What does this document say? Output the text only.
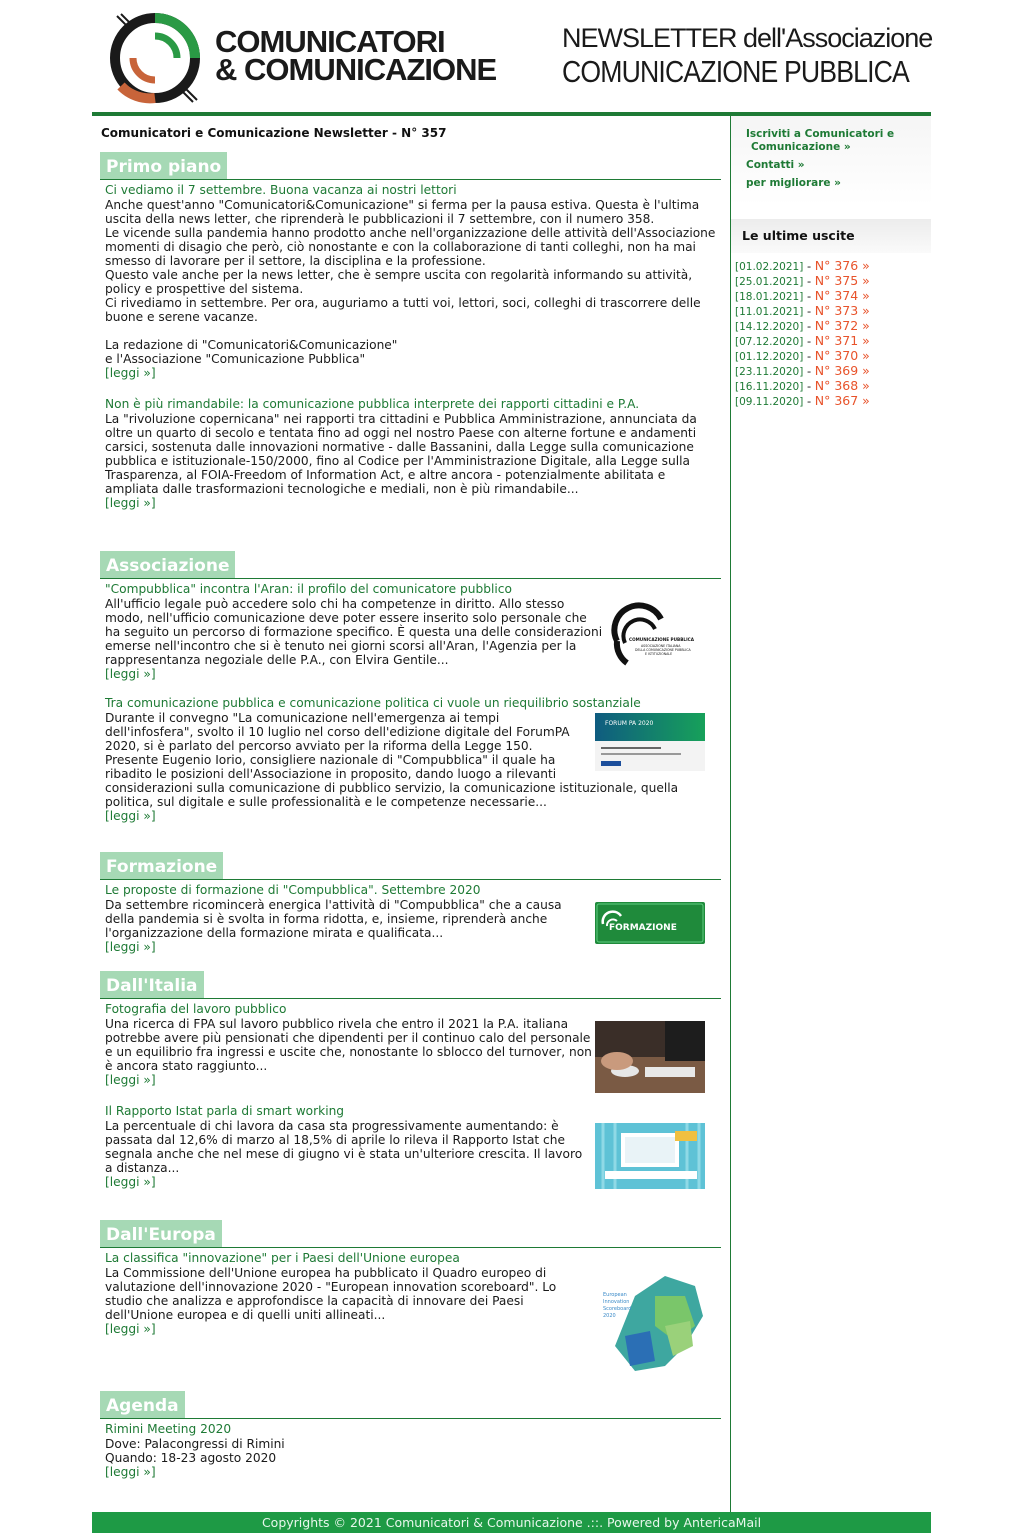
COMUNICATORI
& COMUNICAZIONE
NEWSLETTER dell'Associazione
COMUNICAZIONE PUBBLICA
Comunicatori e Comunicazione Newsletter - N° 357
Primo piano
Ci vediamo il 7 settembre. Buona vacanza ai nostri lettori

Anche quest'anno "Comunicatori&Comunicazione" si ferma per la pausa estiva. Questa è l'ultima uscita della news letter, che riprenderà le pubblicazioni il 7 settembre, con il numero 358.

Le vicende sulla pandemia hanno prodotto anche nell'organizzazione delle attività dell'Associazione momenti di disagio che però, ciò nonostante e con la collaborazione di tanti colleghi, non ha mai smesso di lavorare per il settore, la disciplina e la professione.

Questo vale anche per la news letter, che è sempre uscita con regolarità informando su attività, policy e prospettive del sistema.

Ci rivediamo in settembre. Per ora, auguriamo a tutti voi, lettori, soci, colleghi di trascorrere delle buone e serene vacanze.

La redazione di "Comunicatori&Comunicazione"

e l'Associazione "Comunicazione Pubblica"

[leggi »]
Non è più rimandabile: la comunicazione pubblica interprete dei rapporti cittadini e P.A.
La "rivoluzione copernicana" nei rapporti tra cittadini e Pubblica Amministrazione, annunciata da oltre un quarto di secolo e tentata fino ad oggi nel nostro Paese con alterne fortune e andamenti carsici, sostenuta dalle innovazioni normative - dalle Bassanini, dalla Legge sulla comunicazione pubblica e istituzionale-150/2000, fino al Codice per l'Amministrazione Digitale, alla Legge sulla Trasparenza, al FOIA-Freedom of Information Act, e altre ancora - potenzialmente abilitata e ampliata dalle trasformazioni tecnologiche e mediali, non è più rimandabile...
[leggi »]
Associazione
"Compubblica" incontra l'Aran: il profilo del comunicatore pubblico
All'ufficio legale può accedere solo chi ha competenze in diritto. Allo stesso modo, nell'ufficio comunicazione deve poter essere inserito solo personale che ha seguito un percorso di formazione specifico. È questa una delle considerazioni emerse nell'incontro che si è tenuto nei giorni scorsi all'Aran, l'Agenzia per la rappresentanza negoziale delle P.A., con Elvira Gentile...
[leggi »]
COMUNICAZIONE PUBBLICA
ASSOCIAZIONE ITALIANA
DELLA COMUNICAZIONE PUBBLICA
E ISTITUZIONALE
Tra comunicazione pubblica e comunicazione politica ci vuole un riequilibrio sostanziale
Durante il convegno "La comunicazione nell'emergenza ai tempi dell'infosfera", svolto il 10 luglio nel corso dell'edizione digitale del ForumPA 2020, si è parlato del percorso avviato per la riforma della Legge 150. Presente Eugenio Iorio, consigliere nazionale di "Compubblica" il quale ha ribadito le posizioni dell'Associazione in proposito, dando luogo a rilevanti considerazioni sulla comunicazione di pubblico servizio, la comunicazione istituzionale, quella politica, sul digitale e sulle professionalità e le competenze necessarie...
[leggi »]
FORUM PA 2020
Formazione
Le proposte di formazione di "Compubblica". Settembre 2020
Da settembre ricomincerà energica l'attività di "Compubblica" che a causa della pandemia si è svolta in forma ridotta, e, insieme, riprenderà anche l'organizzazione della formazione mirata e qualificata...
[leggi »]
FORMAZIONE
Dall'Italia
Fotografia del lavoro pubblico
Una ricerca di FPA sul lavoro pubblico rivela che entro il 2021 la P.A. italiana potrebbe avere più pensionati che dipendenti per il continuo calo del personale e un equilibrio fra ingressi e uscite che, nonostante lo sblocco del turnover, non è ancora stato raggiunto...
[leggi »]
Il Rapporto Istat parla di smart working
La percentuale di chi lavora da casa sta progressivamente aumentando: è passata dal 12,6% di marzo al 18,5% di aprile lo rileva il Rapporto Istat che segnala anche che nel mese di giugno vi è stata un'ulteriore crescita. Il lavoro a distanza...
[leggi »]
Dall'Europa
La classifica "innovazione" per i Paesi dell'Unione europea
La Commissione dell'Unione europea ha pubblicato il Quadro europeo di valutazione dell'innovazione 2020 - "European innovation scoreboard". Lo studio che analizza e approfondisce la capacità di innovare dei Paesi dell'Unione europea e di quelli uniti allineati...
[leggi »]
European
Innovation
Scoreboard
2020
Agenda
Rimini Meeting 2020
Dove: Palacongressi di Rimini
Quando: 18-23 agosto 2020
[leggi »]
Iscriviti a Comunicatori e
Comunicazione »
Contatti »
per migliorare »
Le ultime uscite
[01.02.2021] - N° 376 »
[25.01.2021] - N° 375 »
[18.01.2021] - N° 374 »
[11.01.2021] - N° 373 »
[14.12.2020] - N° 372 »
[07.12.2020] - N° 371 »
[01.12.2020] - N° 370 »
[23.11.2020] - N° 369 »
[16.11.2020] - N° 368 »
[09.11.2020] - N° 367 »
Copyrights © 2021 Comunicatori & Comunicazione .::. Powered by AntericaMail
